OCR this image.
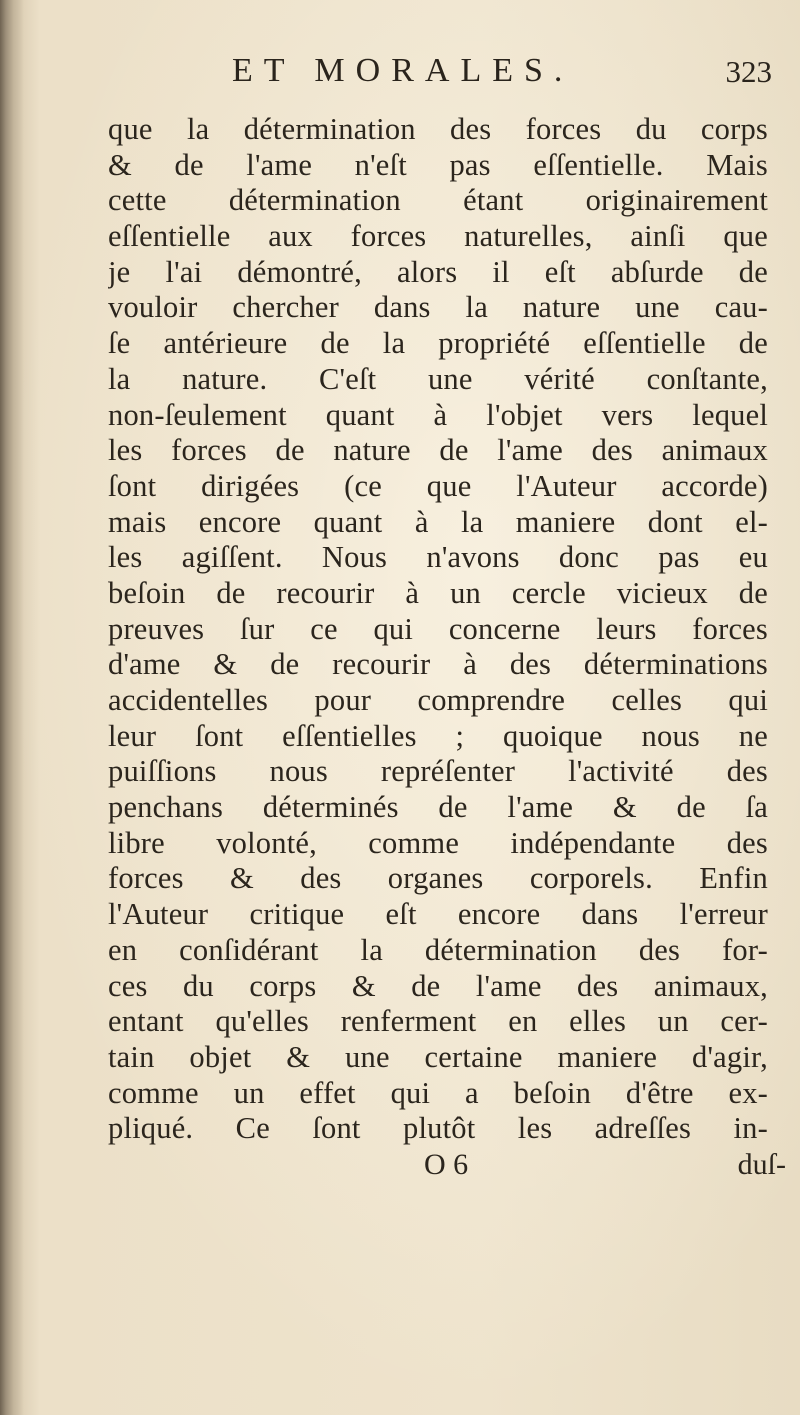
ET MORALES.	323
que la détermination des forces du corps
& de l'ame n'eſt pas eſſentielle. Mais
cette détermination étant originairement
eſſentielle aux forces naturelles, ainſi que
je l'ai démontré, alors il eſt abſurde de
vouloir chercher dans la nature une cau-
ſe antérieure de la propriété eſſentielle de
la nature. C'eſt une vérité conſtante,
non-ſeulement quant à l'objet vers lequel
les forces de nature de l'ame des animaux
ſont dirigées (ce que l'Auteur accorde)
mais encore quant à la maniere dont el-
les agiſſent. Nous n'avons donc pas eu
beſoin de recourir à un cercle vicieux de
preuves ſur ce qui concerne leurs forces
d'ame & de recourir à des déterminations
accidentelles pour comprendre celles qui
leur ſont eſſentielles ; quoique nous ne
puiſſions nous repréſenter l'activité des
penchans déterminés de l'ame & de ſa
libre volonté, comme indépendante des
forces & des organes corporels. Enfin
l'Auteur critique eſt encore dans l'erreur
en conſidérant la détermination des for-
ces du corps & de l'ame des animaux,
entant qu'elles renferment en elles un cer-
tain objet & une certaine maniere d'agir,
comme un effet qui a beſoin d'être ex-
pliqué. Ce ſont plutôt les adreſſes in-
O 6	duſ-
